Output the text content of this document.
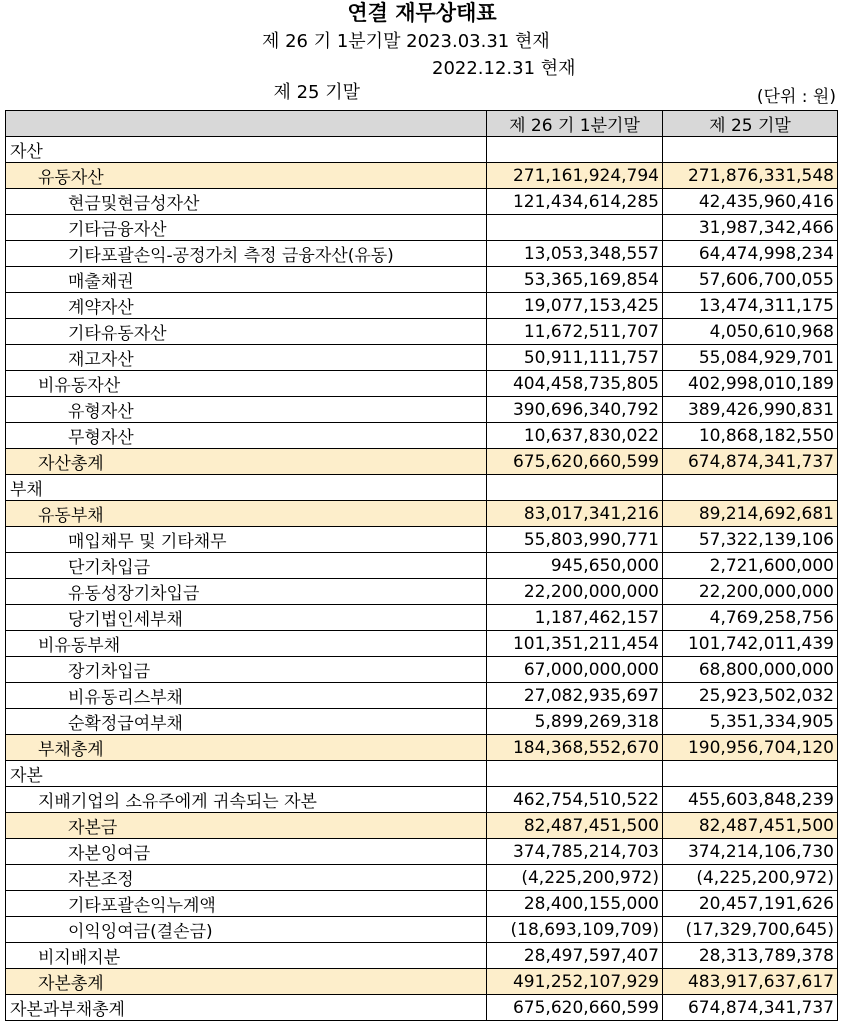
연결 재무상태표
제 26 기 1분기말 2023.03.31 현재

제 25 기말

2022.12.31 현재

(단위 : 원)
	제 26 기 1분기말	제 25 기말
자산		
유동자산	271,161,924,794	271,876,331,548
현금및현금성자산	121,434,614,285	42,435,960,416
기타금융자산		31,987,342,466
기타포괄손익-공정가치 측정 금융자산(유동)	13,053,348,557	64,474,998,234
매출채권	53,365,169,854	57,606,700,055
계약자산	19,077,153,425	13,474,311,175
기타유동자산	11,672,511,707	4,050,610,968
재고자산	50,911,111,757	55,084,929,701
비유동자산	404,458,735,805	402,998,010,189
유형자산	390,696,340,792	389,426,990,831
무형자산	10,637,830,022	10,868,182,550
자산총계	675,620,660,599	674,874,341,737
부채		
유동부채	83,017,341,216	89,214,692,681
매입채무 및 기타채무	55,803,990,771	57,322,139,106
단기차입금	945,650,000	2,721,600,000
유동성장기차입금	22,200,000,000	22,200,000,000
당기법인세부채	1,187,462,157	4,769,258,756
비유동부채	101,351,211,454	101,742,011,439
장기차입금	67,000,000,000	68,800,000,000
비유동리스부채	27,082,935,697	25,923,502,032
순확정급여부채	5,899,269,318	5,351,334,905
부채총계	184,368,552,670	190,956,704,120
자본		
지배기업의 소유주에게 귀속되는 자본	462,754,510,522	455,603,848,239
자본금	82,487,451,500	82,487,451,500
자본잉여금	374,785,214,703	374,214,106,730
자본조정	(4,225,200,972)	(4,225,200,972)
기타포괄손익누계액	28,400,155,000	20,457,191,626
이익잉여금(결손금)	(18,693,109,709)	(17,329,700,645)
비지배지분	28,497,597,407	28,313,789,378
자본총계	491,252,107,929	483,917,637,617
자본과부채총계	675,620,660,599	674,874,341,737
